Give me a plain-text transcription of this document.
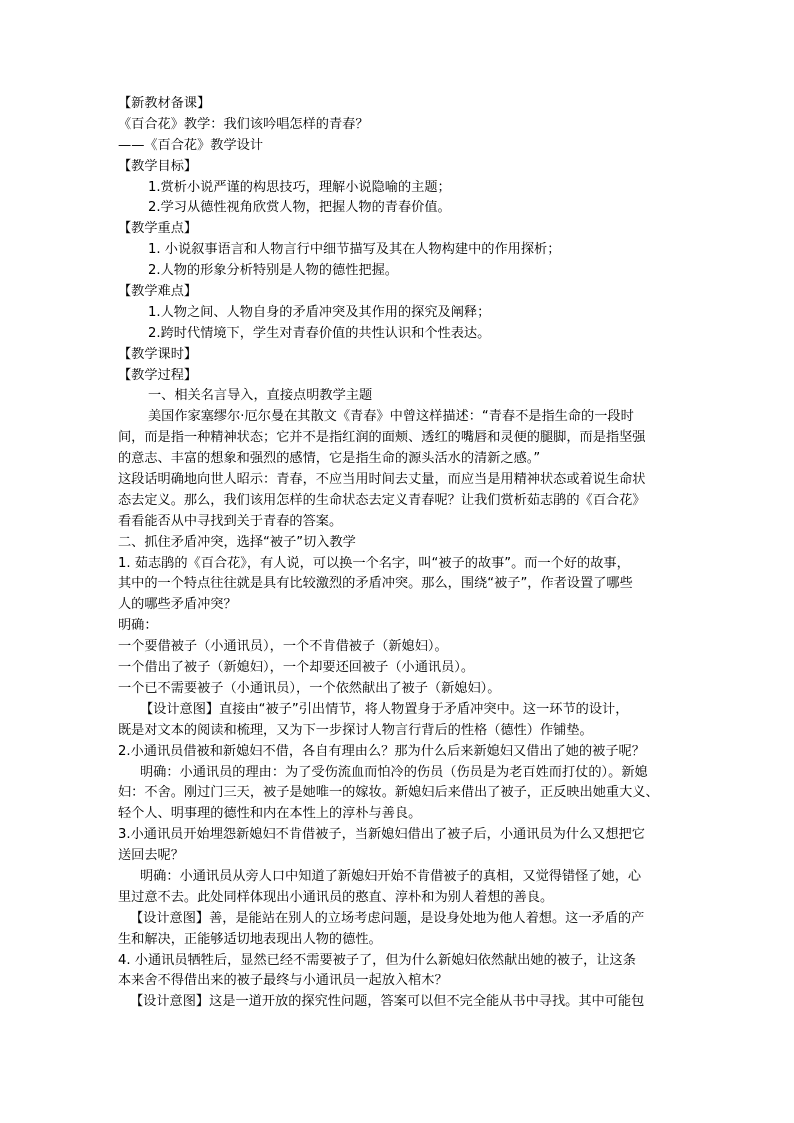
【新教材备课】
《百合花》教学：我们该吟唱怎样的青春？
——《百合花》教学设计
【教学目标】
1.赏析小说严谨的构思技巧，理解小说隐喻的主题；
2.学习从德性视角欣赏人物，把握人物的青春价值。
【教学重点】
1. 小说叙事语言和人物言行中细节描写及其在人物构建中的作用探析；
2.人物的形象分析特别是人物的德性把握。
【教学难点】
1.人物之间、人物自身的矛盾冲突及其作用的探究及阐释；
2.跨时代情境下，学生对青春价值的共性认识和个性表达。
【教学课时】
【教学过程】
一、相关名言导入，直接点明教学主题
美国作家塞缪尔·厄尔曼在其散文《青春》中曾这样描述：“青春不是指生命的一段时
间，而是指一种精神状态；它并不是指红润的面颊、透红的嘴唇和灵便的腿脚，而是指坚强
的意志、丰富的想象和强烈的感情，它是指生命的源头活水的清新之感。”
这段话明确地向世人昭示：青春，不应当用时间去丈量，而应当是用精神状态或着说生命状
态去定义。那么，我们该用怎样的生命状态去定义青春呢？让我们赏析茹志鹃的《百合花》
看看能否从中寻找到关于青春的答案。
二、抓住矛盾冲突，选择“被子”切入教学
1. 茹志鹃的《百合花》，有人说，可以换一个名字，叫“被子的故事”。而一个好的故事，
其中的一个特点往往就是具有比较激烈的矛盾冲突。那么，围绕“被子”，作者设置了哪些
人的哪些矛盾冲突？
明确：
一个要借被子（小通讯员），一个不肯借被子（新媳妇）。
一个借出了被子（新媳妇），一个却要还回被子（小通讯员）。
一个已不需要被子（小通讯员），一个依然献出了被子（新媳妇）。
【设计意图】直接由“被子”引出情节，将人物置身于矛盾冲突中。这一环节的设计，
既是对文本的阅读和梳理，又为下一步探讨人物言行背后的性格（德性）作铺垫。
2.小通讯员借被和新媳妇不借，各自有理由么？那为什么后来新媳妇又借出了她的被子呢？
明确：小通讯员的理由：为了受伤流血而怕冷的伤员（伤员是为老百姓而打仗的）。新媳
妇：不舍。刚过门三天，被子是她唯一的嫁妆。新媳妇后来借出了被子，正反映出她重大义、
轻个人、明事理的德性和内在本性上的淳朴与善良。
3.小通讯员开始埋怨新媳妇不肯借被子，当新媳妇借出了被子后，小通讯员为什么又想把它
送回去呢？
明确：小通讯员从旁人口中知道了新媳妇开始不肯借被子的真相，又觉得错怪了她，心
里过意不去。此处同样体现出小通讯员的憨直、淳朴和为别人着想的善良。
【设计意图】善，是能站在别人的立场考虑问题，是设身处地为他人着想。这一矛盾的产
生和解决，正能够适切地表现出人物的德性。
4. 小通讯员牺牲后，显然已经不需要被子了，但为什么新媳妇依然献出她的被子，让这条
本来舍不得借出来的被子最终与小通讯员一起放入棺木？
【设计意图】这是一道开放的探究性问题，答案可以但不完全能从书中寻找。其中可能包
